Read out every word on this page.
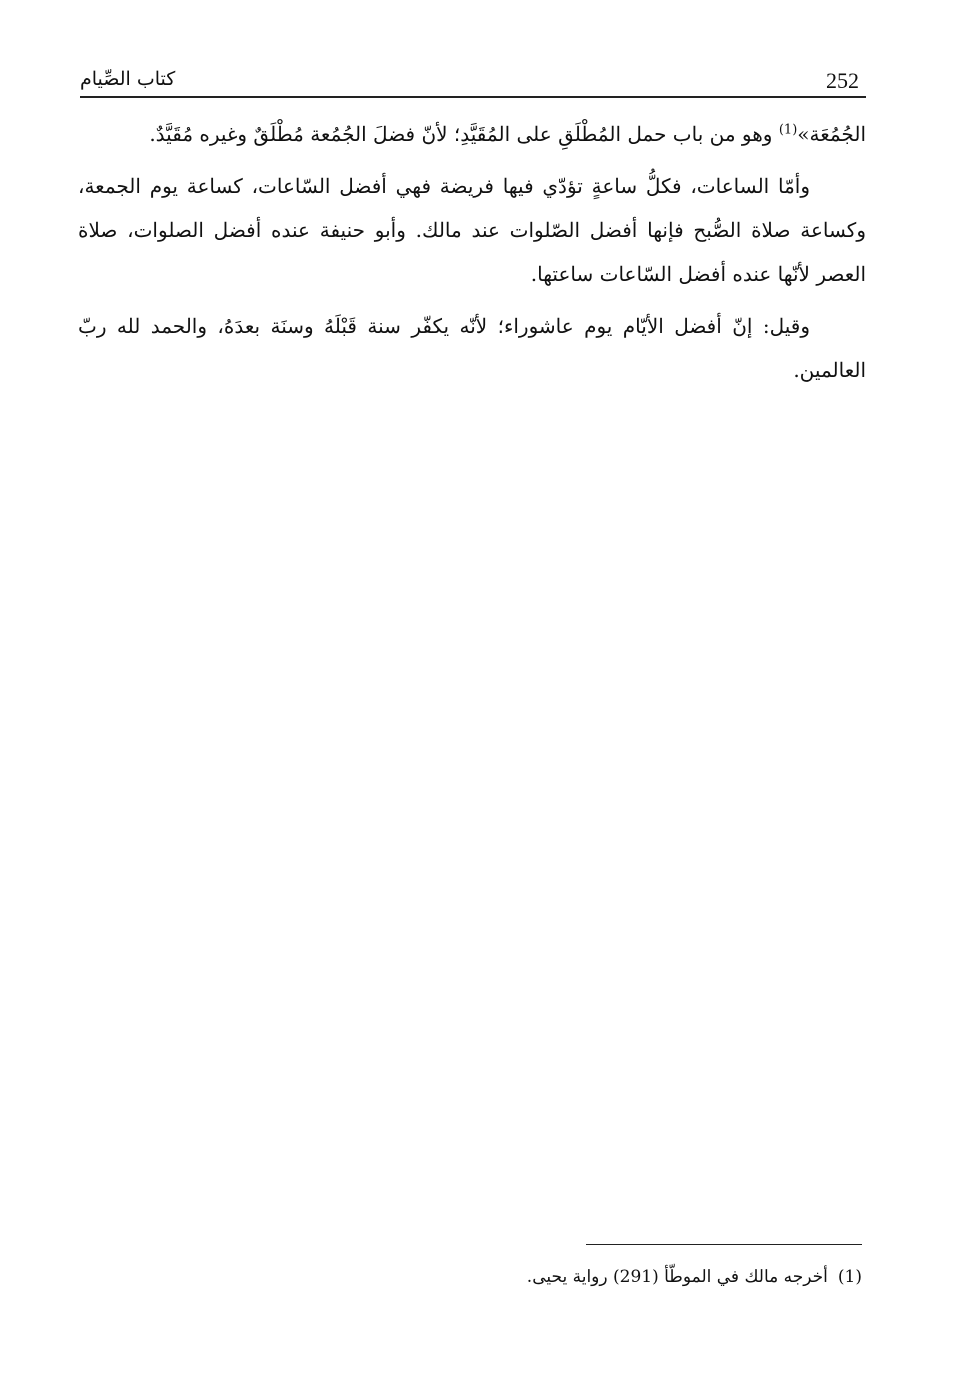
252
كتاب الصِّيام

الجُمُعَة»$^{(1)}$ وهو من باب حمل المُطْلَقِ على المُقَيَّدِ؛ لأنّ فضلَ الجُمُعة مُطْلَقٌ وغيره مُقَيَّدٌ.

وأمّا الساعات، فكلُّ ساعةٍ تؤدّي فيها فريضة فهي أفضل السّاعات، كساعة يوم الجمعة، وكساعة صلاة الصُّبح فإنها أفضل الصّلوات عند مالك. وأبو حنيفة عنده أفضل الصلوات، صلاة العصر لأنّها عنده أفضل السّاعات ساعتها.

وقيل: إنّ أفضل الأيّام يوم عاشوراء؛ لأنّه يكفّر سنة قَبْلَهُ وسنَة بعدَهُ، والحمد لله ربّ العالمين.

(1)أخرجه مالك في الموطّأ (291) رواية يحيى.
